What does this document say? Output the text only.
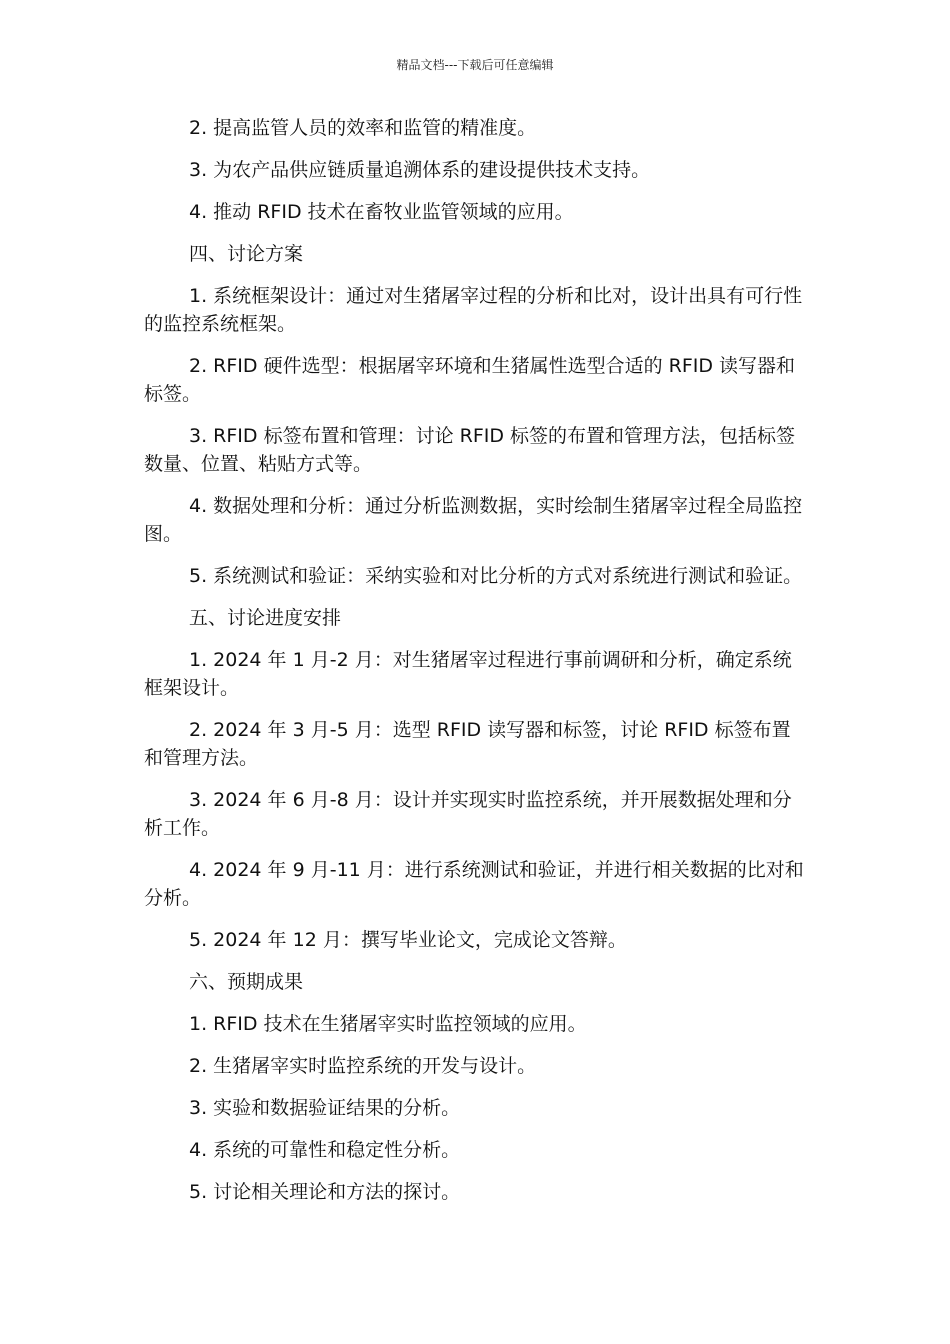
精品文档---下载后可任意编辑

2. 提高监管人员的效率和监管的精准度。

3. 为农产品供应链质量追溯体系的建设提供技术支持。

4. 推动 RFID 技术在畜牧业监管领域的应用。

四、讨论方案

1. 系统框架设计：通过对生猪屠宰过程的分析和比对，设计出具有可行性的监控系统框架。

2. RFID 硬件选型：根据屠宰环境和生猪属性选型合适的 RFID 读写器和标签。

3. RFID 标签布置和管理：讨论 RFID 标签的布置和管理方法，包括标签数量、位置、粘贴方式等。

4. 数据处理和分析：通过分析监测数据，实时绘制生猪屠宰过程全局监控图。

5. 系统测试和验证：采纳实验和对比分析的方式对系统进行测试和验证。

五、讨论进度安排

1. 2024 年 1 月-2 月：对生猪屠宰过程进行事前调研和分析，确定系统框架设计。

2. 2024 年 3 月-5 月：选型 RFID 读写器和标签，讨论 RFID 标签布置和管理方法。

3. 2024 年 6 月-8 月：设计并实现实时监控系统，并开展数据处理和分析工作。

4. 2024 年 9 月-11 月：进行系统测试和验证，并进行相关数据的比对和分析。

5. 2024 年 12 月：撰写毕业论文，完成论文答辩。

六、预期成果

1. RFID 技术在生猪屠宰实时监控领域的应用。

2. 生猪屠宰实时监控系统的开发与设计。

3. 实验和数据验证结果的分析。

4. 系统的可靠性和稳定性分析。

5. 讨论相关理论和方法的探讨。
